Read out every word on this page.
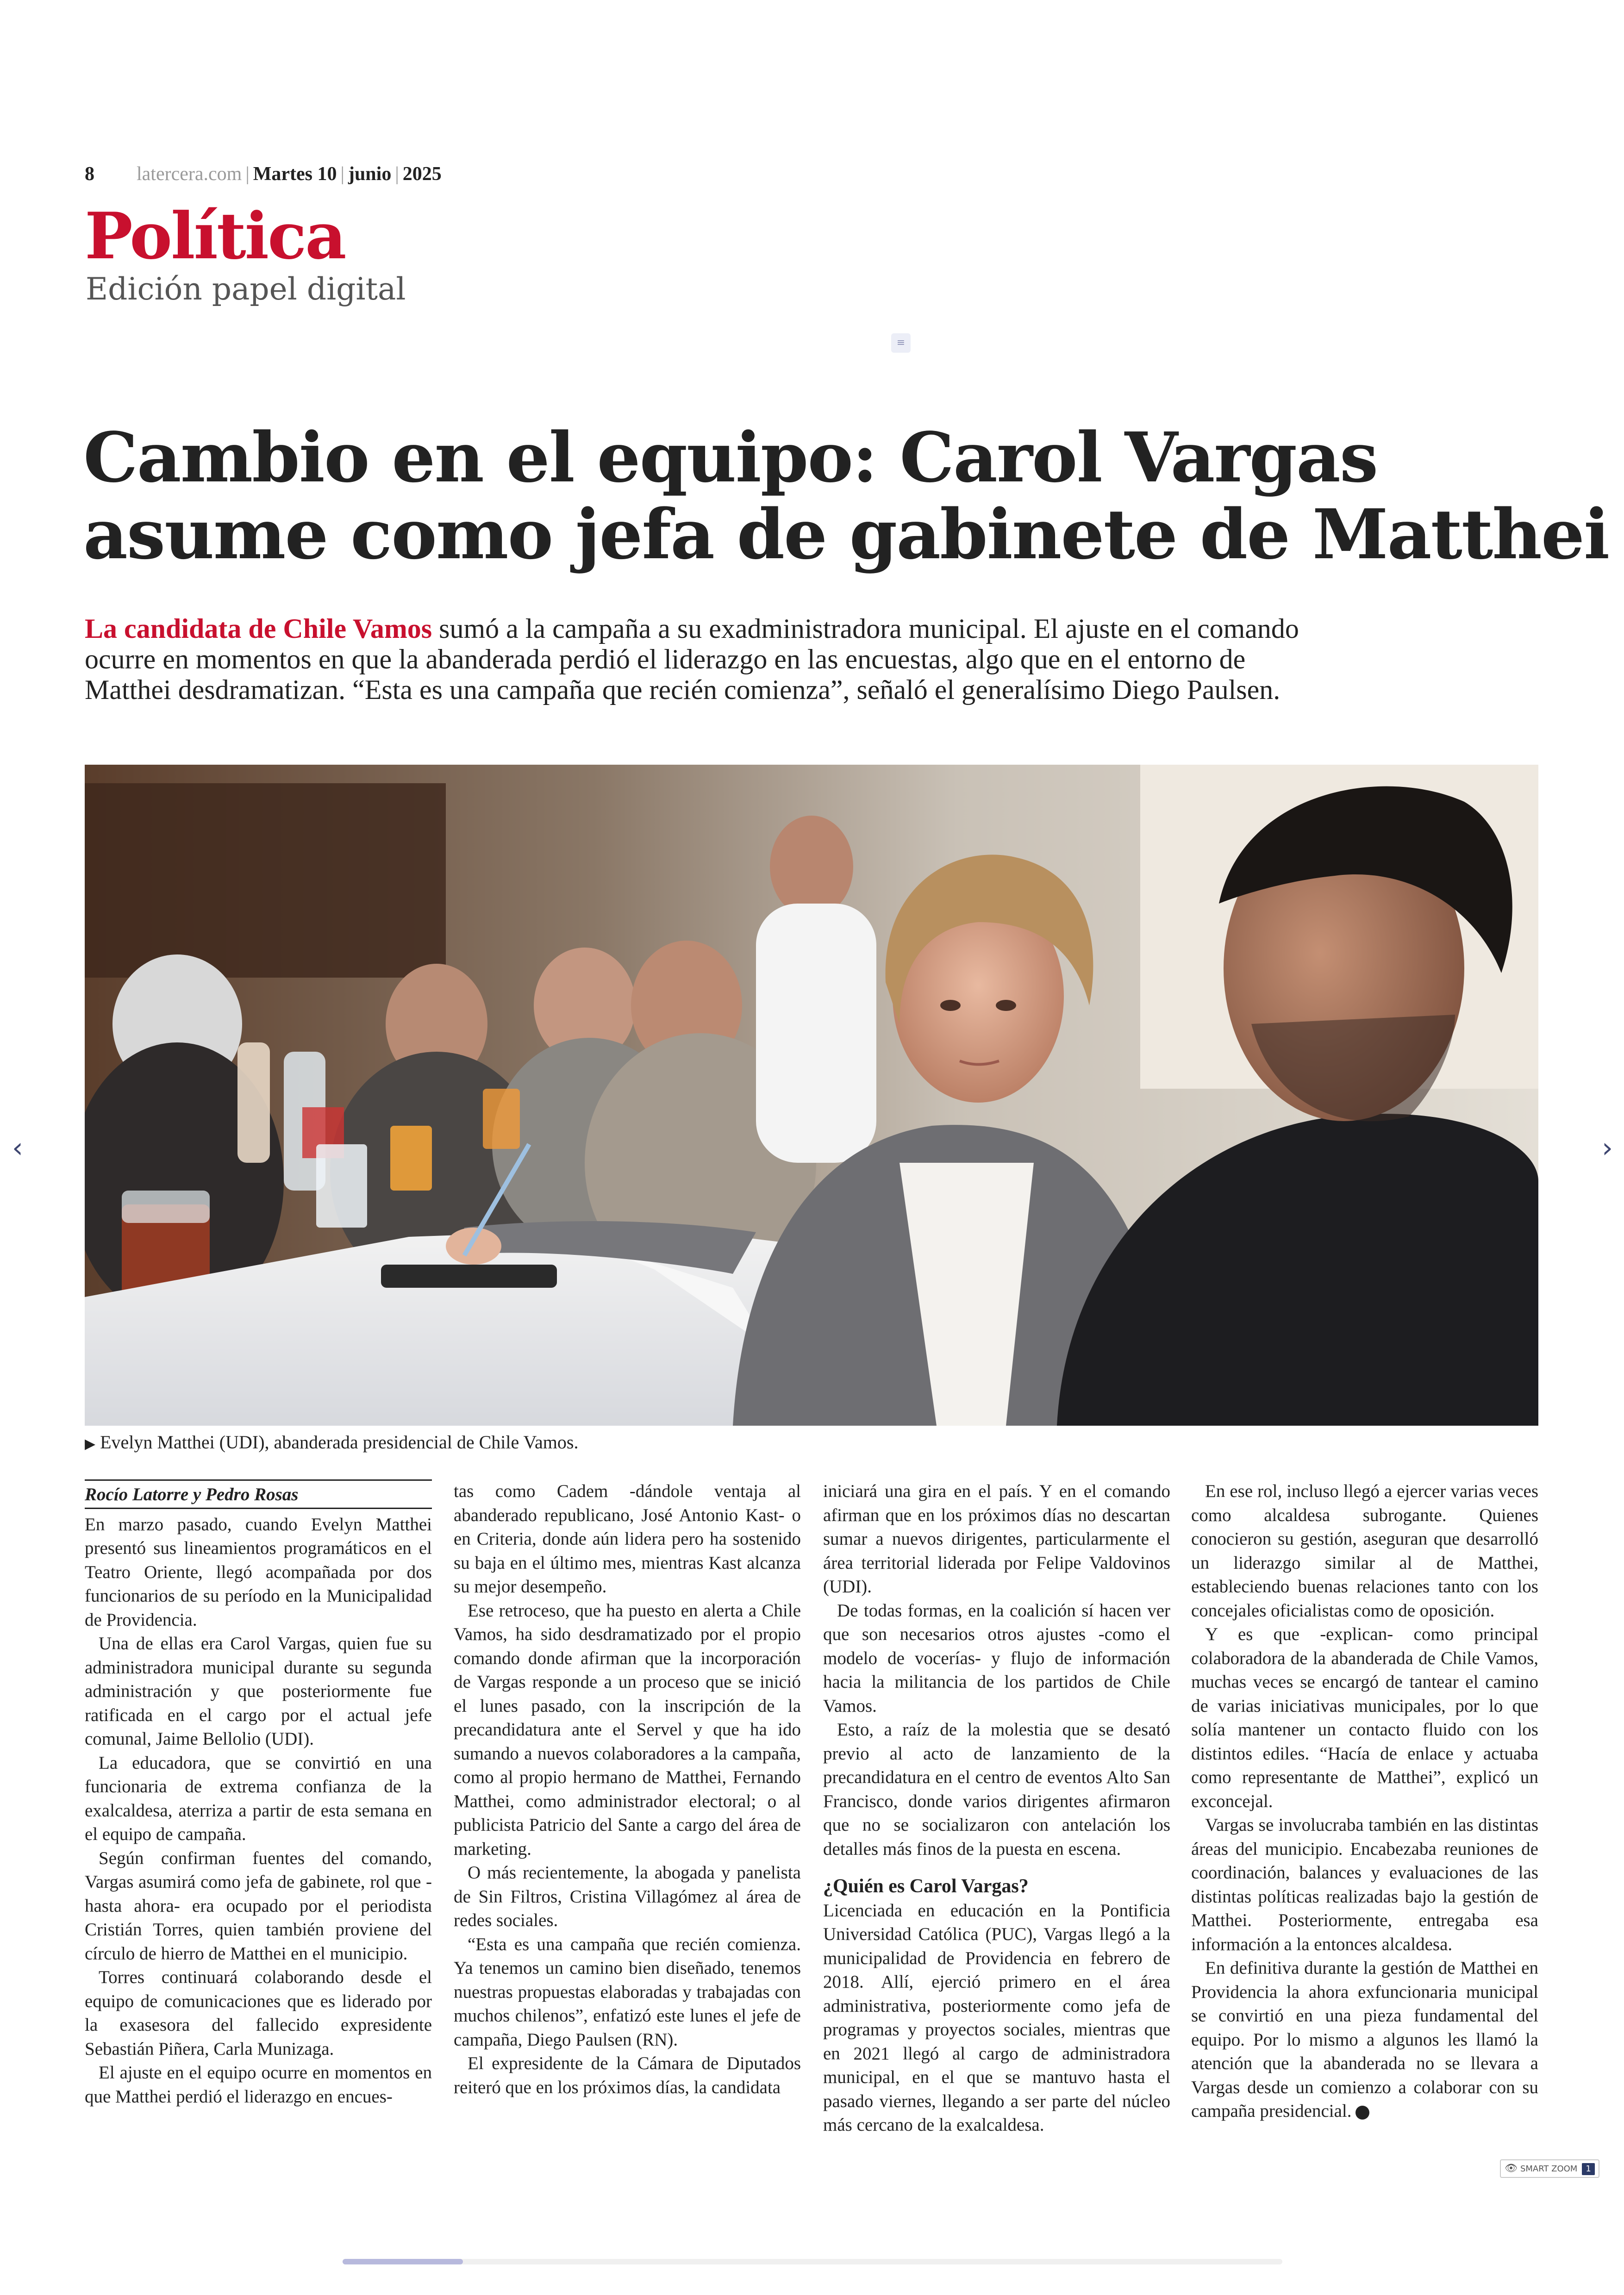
8 latercera.com | Martes 10 | junio | 2025
Política
Edición papel digital
≡
Cambio en el equipo: Carol Vargas
asume como jefa de gabinete de Matthei
La candidata de Chile Vamos sumó a la campaña a su exadministradora municipal. El ajuste en el comando
ocurre en momentos en que la abanderada perdió el liderazgo en las encuestas, algo que en el entorno de
Matthei desdramatizan. “Esta es una campaña que recién comienza”, señaló el generalísimo Diego Paulsen.
▶ Evelyn Matthei (UDI), abanderada presidencial de Chile Vamos.
Rocío Latorre y Pedro Rosas

En marzo pasado, cuando Evelyn Matthei presentó sus lineamientos programáticos en el Teatro Oriente, llegó acompañada por dos funcionarios de su período en la Municipalidad de Providencia.

Una de ellas era Carol Vargas, quien fue su administradora municipal durante su segunda administración y que posteriormente fue ratificada en el cargo por el actual jefe comunal, Jaime Bellolio (UDI).

La educadora, que se convirtió en una funcionaria de extrema confianza de la exalcaldesa, aterriza a partir de esta semana en el equipo de campaña.

Según confirman fuentes del comando, Vargas asumirá como jefa de gabinete, rol que -hasta ahora- era ocupado por el periodista Cristián Torres, quien también proviene del círculo de hierro de Matthei en el municipio.

Torres continuará colaborando desde el equipo de comunicaciones que es liderado por la exasesora del fallecido expresidente Sebastián Piñera, Carla Munizaga.

El ajuste en el equipo ocurre en momentos en que Matthei perdió el liderazgo en encues-

tas como Cadem -dándole ventaja al abanderado republicano, José Antonio Kast- o en Criteria, donde aún lidera pero ha sostenido su baja en el último mes, mientras Kast alcanza su mejor desempeño.

Ese retroceso, que ha puesto en alerta a Chile Vamos, ha sido desdramatizado por el propio comando donde afirman que la incorporación de Vargas responde a un proceso que se inició el lunes pasado, con la inscripción de la precandidatura ante el Servel y que ha ido sumando a nuevos colaboradores a la campaña, como al propio hermano de Matthei, Fernando Matthei, como administrador electoral; o al publicista Patricio del Sante a cargo del área de marketing.

O más recientemente, la abogada y panelista de Sin Filtros, Cristina Villagómez al área de redes sociales.

“Esta es una campaña que recién comienza. Ya tenemos un camino bien diseñado, tenemos nuestras propuestas elaboradas y trabajadas con muchos chilenos”, enfatizó este lunes el jefe de campaña, Diego Paulsen (RN).

El expresidente de la Cámara de Diputados reiteró que en los próximos días, la candidata

iniciará una gira en el país. Y en el comando afirman que en los próximos días no descartan sumar a nuevos dirigentes, particularmente el área territorial liderada por Felipe Valdovinos (UDI).

De todas formas, en la coalición sí hacen ver que son necesarios otros ajustes -como el modelo de vocerías- y flujo de información hacia la militancia de los partidos de Chile Vamos.

Esto, a raíz de la molestia que se desató previo al acto de lanzamiento de la precandidatura en el centro de eventos Alto San Francisco, donde varios dirigentes afirmaron que no se socializaron con antelación los detalles más finos de la puesta en escena.

¿Quién es Carol Vargas?

Licenciada en educación en la Pontificia Universidad Católica (PUC), Vargas llegó a la municipalidad de Providencia en febrero de 2018. Allí, ejerció primero en el área administrativa, posteriormente como jefa de programas y proyectos sociales, mientras que en 2021 llegó al cargo de administradora municipal, en el que se mantuvo hasta el pasado viernes, llegando a ser parte del núcleo más cercano de la exalcaldesa.

En ese rol, incluso llegó a ejercer varias veces como alcaldesa subrogante. Quienes conocieron su gestión, aseguran que desarrolló un liderazgo similar al de Matthei, estableciendo buenas relaciones tanto con los concejales oficialistas como de oposición.

Y es que -explican- como principal colaboradora de la abanderada de Chile Vamos, muchas veces se encargó de tantear el camino de varias iniciativas municipales, por lo que solía mantener un contacto fluido con los distintos ediles. “Hacía de enlace y actuaba como representante de Matthei”, explicó un exconcejal.

Vargas se involucraba también en las distintas áreas del municipio. Encabezaba reuniones de coordinación, balances y evaluaciones de las distintas políticas realizadas bajo la gestión de Matthei. Posteriormente, entregaba esa información a la entonces alcaldesa.

En definitiva durante la gestión de Matthei en Providencia la ahora exfuncionaria municipal se convirtió en una pieza fundamental del equipo. Por lo mismo a algunos les llamó la atención que la abanderada no se llevara a Vargas desde un comienzo a colaborar con su campaña presidencial.

‹	›
👁 SMART ZOOM 1
